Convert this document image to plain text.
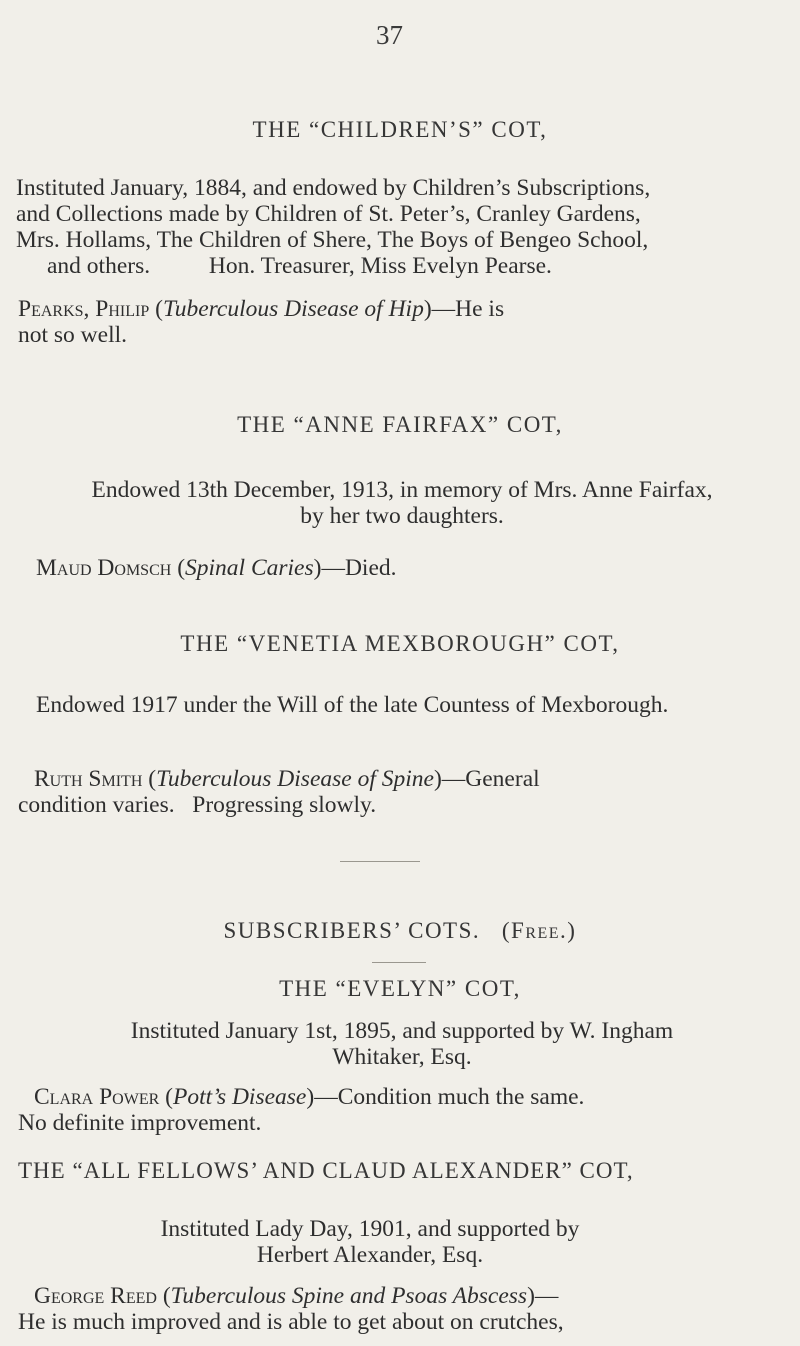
37
THE “CHILDREN’S” COT,
Instituted January, 1884, and endowed by Children’s Subscriptions,
and Collections made by Children of St. Peter’s, Cranley Gardens,
Mrs. Hollams, The Children of Shere, The Boys of Bengeo School,
and others.          Hon. Treasurer, Miss Evelyn Pearse.
Pearks, Philip (Tuberculous Disease of Hip)—He is
not so well.
THE “ANNE FAIRFAX” COT,
Endowed 13th December, 1913, in memory of Mrs. Anne Fairfax,
by her two daughters.
Maud Domsch (Spinal Caries)—Died.
THE “VENETIA MEXBOROUGH” COT,
Endowed 1917 under the Will of the late Countess of Mexborough.
Ruth Smith (Tuberculous Disease of Spine)—General
condition varies.   Progressing slowly.
SUBSCRIBERS’ COTS. (Free.)
THE “EVELYN” COT,
Instituted January 1st, 1895, and supported by W. Ingham
Whitaker, Esq.
Clara Power (Pott’s Disease)—Condition much the same.
No definite improvement.
THE “ALL FELLOWS’ AND CLAUD ALEXANDER” COT,
Instituted Lady Day, 1901, and supported by
Herbert Alexander, Esq.
George Reed (Tuberculous Spine and Psoas Abscess)—
He is much improved and is able to get about on crutches,
